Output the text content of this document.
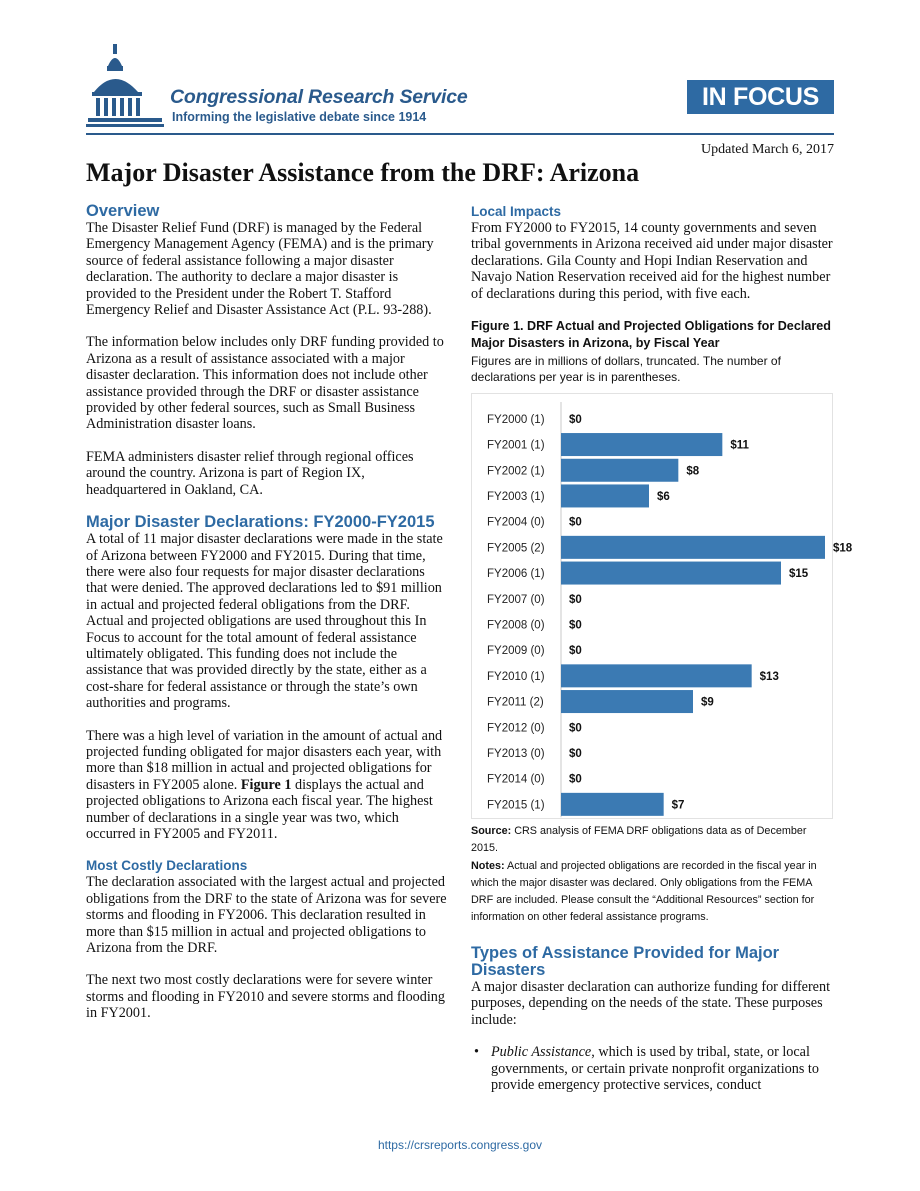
Congressional Research Service
Informing the legislative debate since 1914
IN FOCUS
Updated March 6, 2017
Major Disaster Assistance from the DRF: Arizona
Overview

The Disaster Relief Fund (DRF) is managed by the Federal Emergency Management Agency (FEMA) and is the primary source of federal assistance following a major disaster declaration. The authority to declare a major disaster is provided to the President under the Robert T. Stafford Emergency Relief and Disaster Assistance Act (P.L. 93-288).

The information below includes only DRF funding provided to Arizona as a result of assistance associated with a major disaster declaration. This information does not include other assistance provided through the DRF or disaster assistance provided by other federal sources, such as Small Business Administration disaster loans.

FEMA administers disaster relief through regional offices around the country. Arizona is part of Region IX, headquartered in Oakland, CA.

Major Disaster Declarations: FY2000-FY2015

A total of 11 major disaster declarations were made in the state of Arizona between FY2000 and FY2015. During that time, there were also four requests for major disaster declarations that were denied. The approved declarations led to $91 million in actual and projected federal obligations from the DRF. Actual and projected obligations are used throughout this In Focus to account for the total amount of federal assistance ultimately obligated. This funding does not include the assistance that was provided directly by the state, either as a cost-share for federal assistance or through the state’s own authorities and programs.

There was a high level of variation in the amount of actual and projected funding obligated for major disasters each year, with more than $18 million in actual and projected obligations for disasters in FY2005 alone. Figure 1 displays the actual and projected obligations to Arizona each fiscal year. The highest number of declarations in a single year was two, which occurred in FY2005 and FY2011.

Most Costly Declarations

The declaration associated with the largest actual and projected obligations from the DRF to the state of Arizona was for severe storms and flooding in FY2006. This declaration resulted in more than $15 million in actual and projected obligations to Arizona from the DRF.

The next two most costly declarations were for severe winter storms and flooding in FY2010 and severe storms and flooding in FY2001.

Local Impacts

From FY2000 to FY2015, 14 county governments and seven tribal governments in Arizona received aid under major disaster declarations. Gila County and Hopi Indian Reservation and Navajo Nation Reservation received aid for the highest number of declarations during this period, with five each.

Figure 1. DRF Actual and Projected Obligations for Declared Major Disasters in Arizona, by Fiscal Year
Figures are in millions of dollars, truncated. The number of declarations per year is in parentheses.
FY2000 (1) $0
FY2001 (1)	$11
FY2002 (1)	$8
FY2003 (1)	$6
FY2004 (0) $0
FY2005 (2)	$18
FY2006 (1)	$15
FY2007 (0) $0
FY2008 (0) $0
FY2009 (0) $0
FY2010 (1)	$13
FY2011 (2)	$9
FY2012 (0) $0
FY2013 (0) $0
FY2014 (0) $0
FY2015 (1)	$7
Source: CRS analysis of FEMA DRF obligations data as of December 2015.
Notes: Actual and projected obligations are recorded in the fiscal year in which the major disaster was declared. Only obligations from the FEMA DRF are included. Please consult the “Additional Resources” section for information on other federal assistance programs.
Types of Assistance Provided for Major Disasters

A major disaster declaration can authorize funding for different purposes, depending on the needs of the state. These purposes include:

• Public Assistance, which is used by tribal, state, or local governments, or certain private nonprofit organizations to provide emergency protective services, conduct
https://crsreports.congress.gov
